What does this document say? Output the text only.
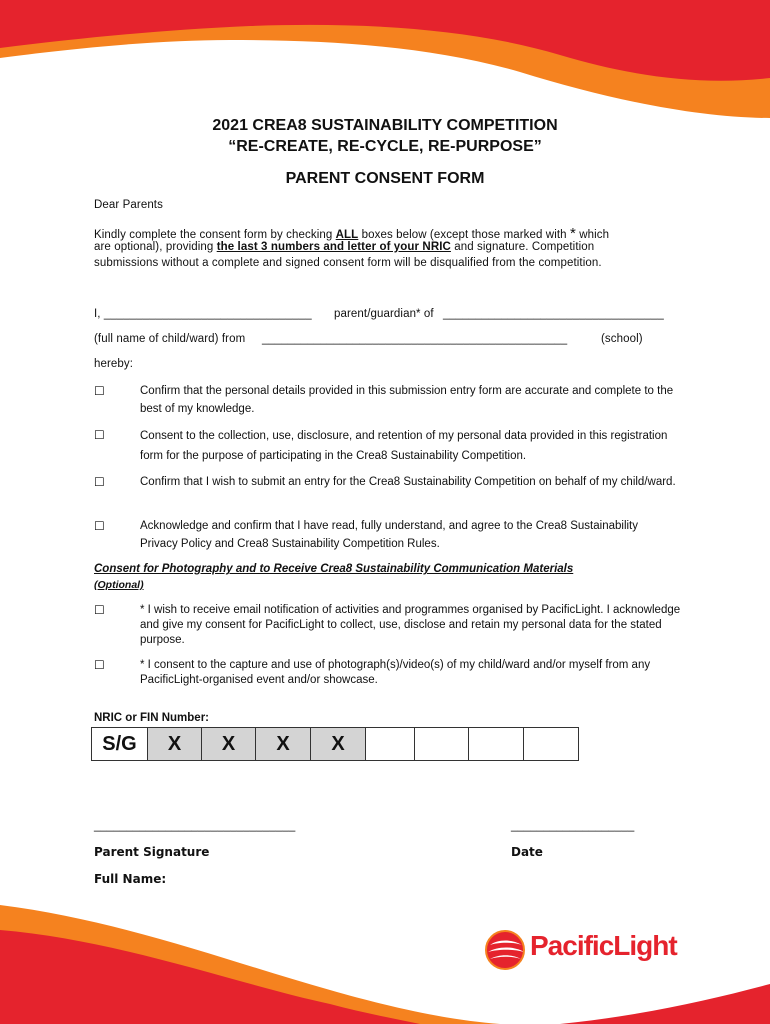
2021 CREA8 SUSTAINABILITY COMPETITION
“RE-CREATE, RE-CYCLE, RE-PURPOSE”
PARENT CONSENT FORM
Dear Parents
Kindly complete the consent form by checking ALL boxes below (except those marked with * which
are optional), providing the last 3 numbers and letter of your NRIC and signature. Competition
submissions without a complete and signed consent form will be disqualified from the competition.
I, ________________________________ parent/guardian* of __________________________________
(full name of child/ward) from _______________________________________________	(school)
hereby:
☐	Confirm that the personal details provided in this submission entry form are accurate and complete to the best of my knowledge.
☐	Consent to the collection, use, disclosure, and retention of my personal data provided in this registration form for the purpose of participating in the Crea8 Sustainability Competition.
☐	Confirm that I wish to submit an entry for the Crea8 Sustainability Competition on behalf of my child/ward.
☐	Acknowledge and confirm that I have read, fully understand, and agree to the Crea8 Sustainability Privacy Policy and Crea8 Sustainability Competition Rules.
Consent for Photography and to Receive Crea8 Sustainability Communication Materials
(Optional)
☐	* I wish to receive email notification of activities and programmes organised by PacificLight. I acknowledge and give my consent for PacificLight to collect, use, disclose and retain my personal data for the stated purpose.
☐	* I consent to the capture and use of photograph(s)/video(s) of my child/ward and/or myself from any PacificLight-organised event and/or showcase.
NRIC or FIN Number:
S/G	X	X	X	X
_______________________________	___________________
Parent Signature	Date
Full Name:
PacificLight
